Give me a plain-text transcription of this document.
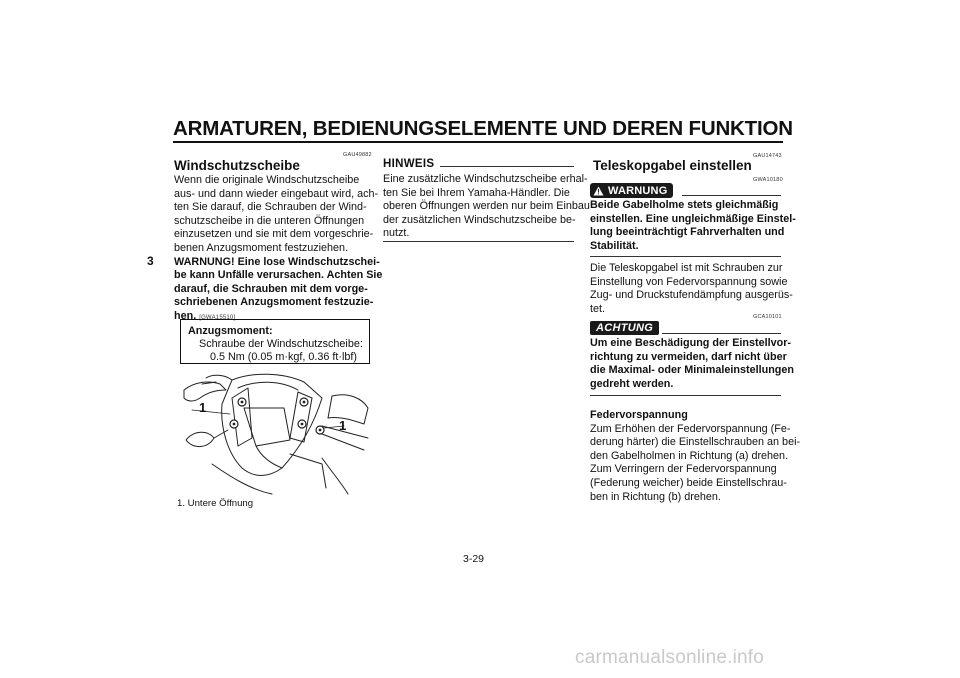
ARMATUREN, BEDIENUNGSELEMENTE UND DEREN FUNKTION
3
GAU49882
Windschutzscheibe

Wenn die originale Windschutzscheibe

aus- und dann wieder eingebaut wird, ach-

ten Sie darauf, die Schrauben der Wind-

schutzscheibe in die unteren Öffnungen

einzusetzen und sie mit dem vorgeschrie-

benen Anzugsmoment festzuziehen.

WARNUNG! Eine lose Windschutzschei-

be kann Unfälle verursachen. Achten Sie

darauf, die Schrauben mit dem vorge-

schriebenen Anzugsmoment festzuzie-

hen. [GWA15510]

Anzugsmoment:
Schraube der Windschutzscheibe:
0.5 Nm (0.05 m·kgf, 0.36 ft·lbf)
1
1
1. Untere Öffnung
HINWEIS

Eine zusätzliche Windschutzscheibe erhal-

ten Sie bei Ihrem Yamaha-Händler. Die

oberen Öffnungen werden nur beim Einbau

der zusätzlichen Windschutzscheibe be-

nutzt.

GAU14743
Teleskopgabel einstellen
WARNUNG
GWA10180

Beide Gabelholme stets gleichmäßig

einstellen. Eine ungleichmäßige Einstel-

lung beeinträchtigt Fahrverhalten und

Stabilität.

Die Teleskopgabel ist mit Schrauben zur

Einstellung von Federvorspannung sowie

Zug- und Druckstufendämpfung ausgerüs-

tet.

ACHTUNG
GCA10101

Um eine Beschädigung der Einstellvor-

richtung zu vermeiden, darf nicht über

die Maximal- oder Minimaleinstellungen

gedreht werden.

Federvorspannung

Zum Erhöhen der Federvorspannung (Fe-

derung härter) die Einstellschrauben an bei-

den Gabelholmen in Richtung (a) drehen.

Zum Verringern der Federvorspannung

(Federung weicher) beide Einstellschrau-

ben in Richtung (b) drehen.

3-29
carmanualsonline.info
